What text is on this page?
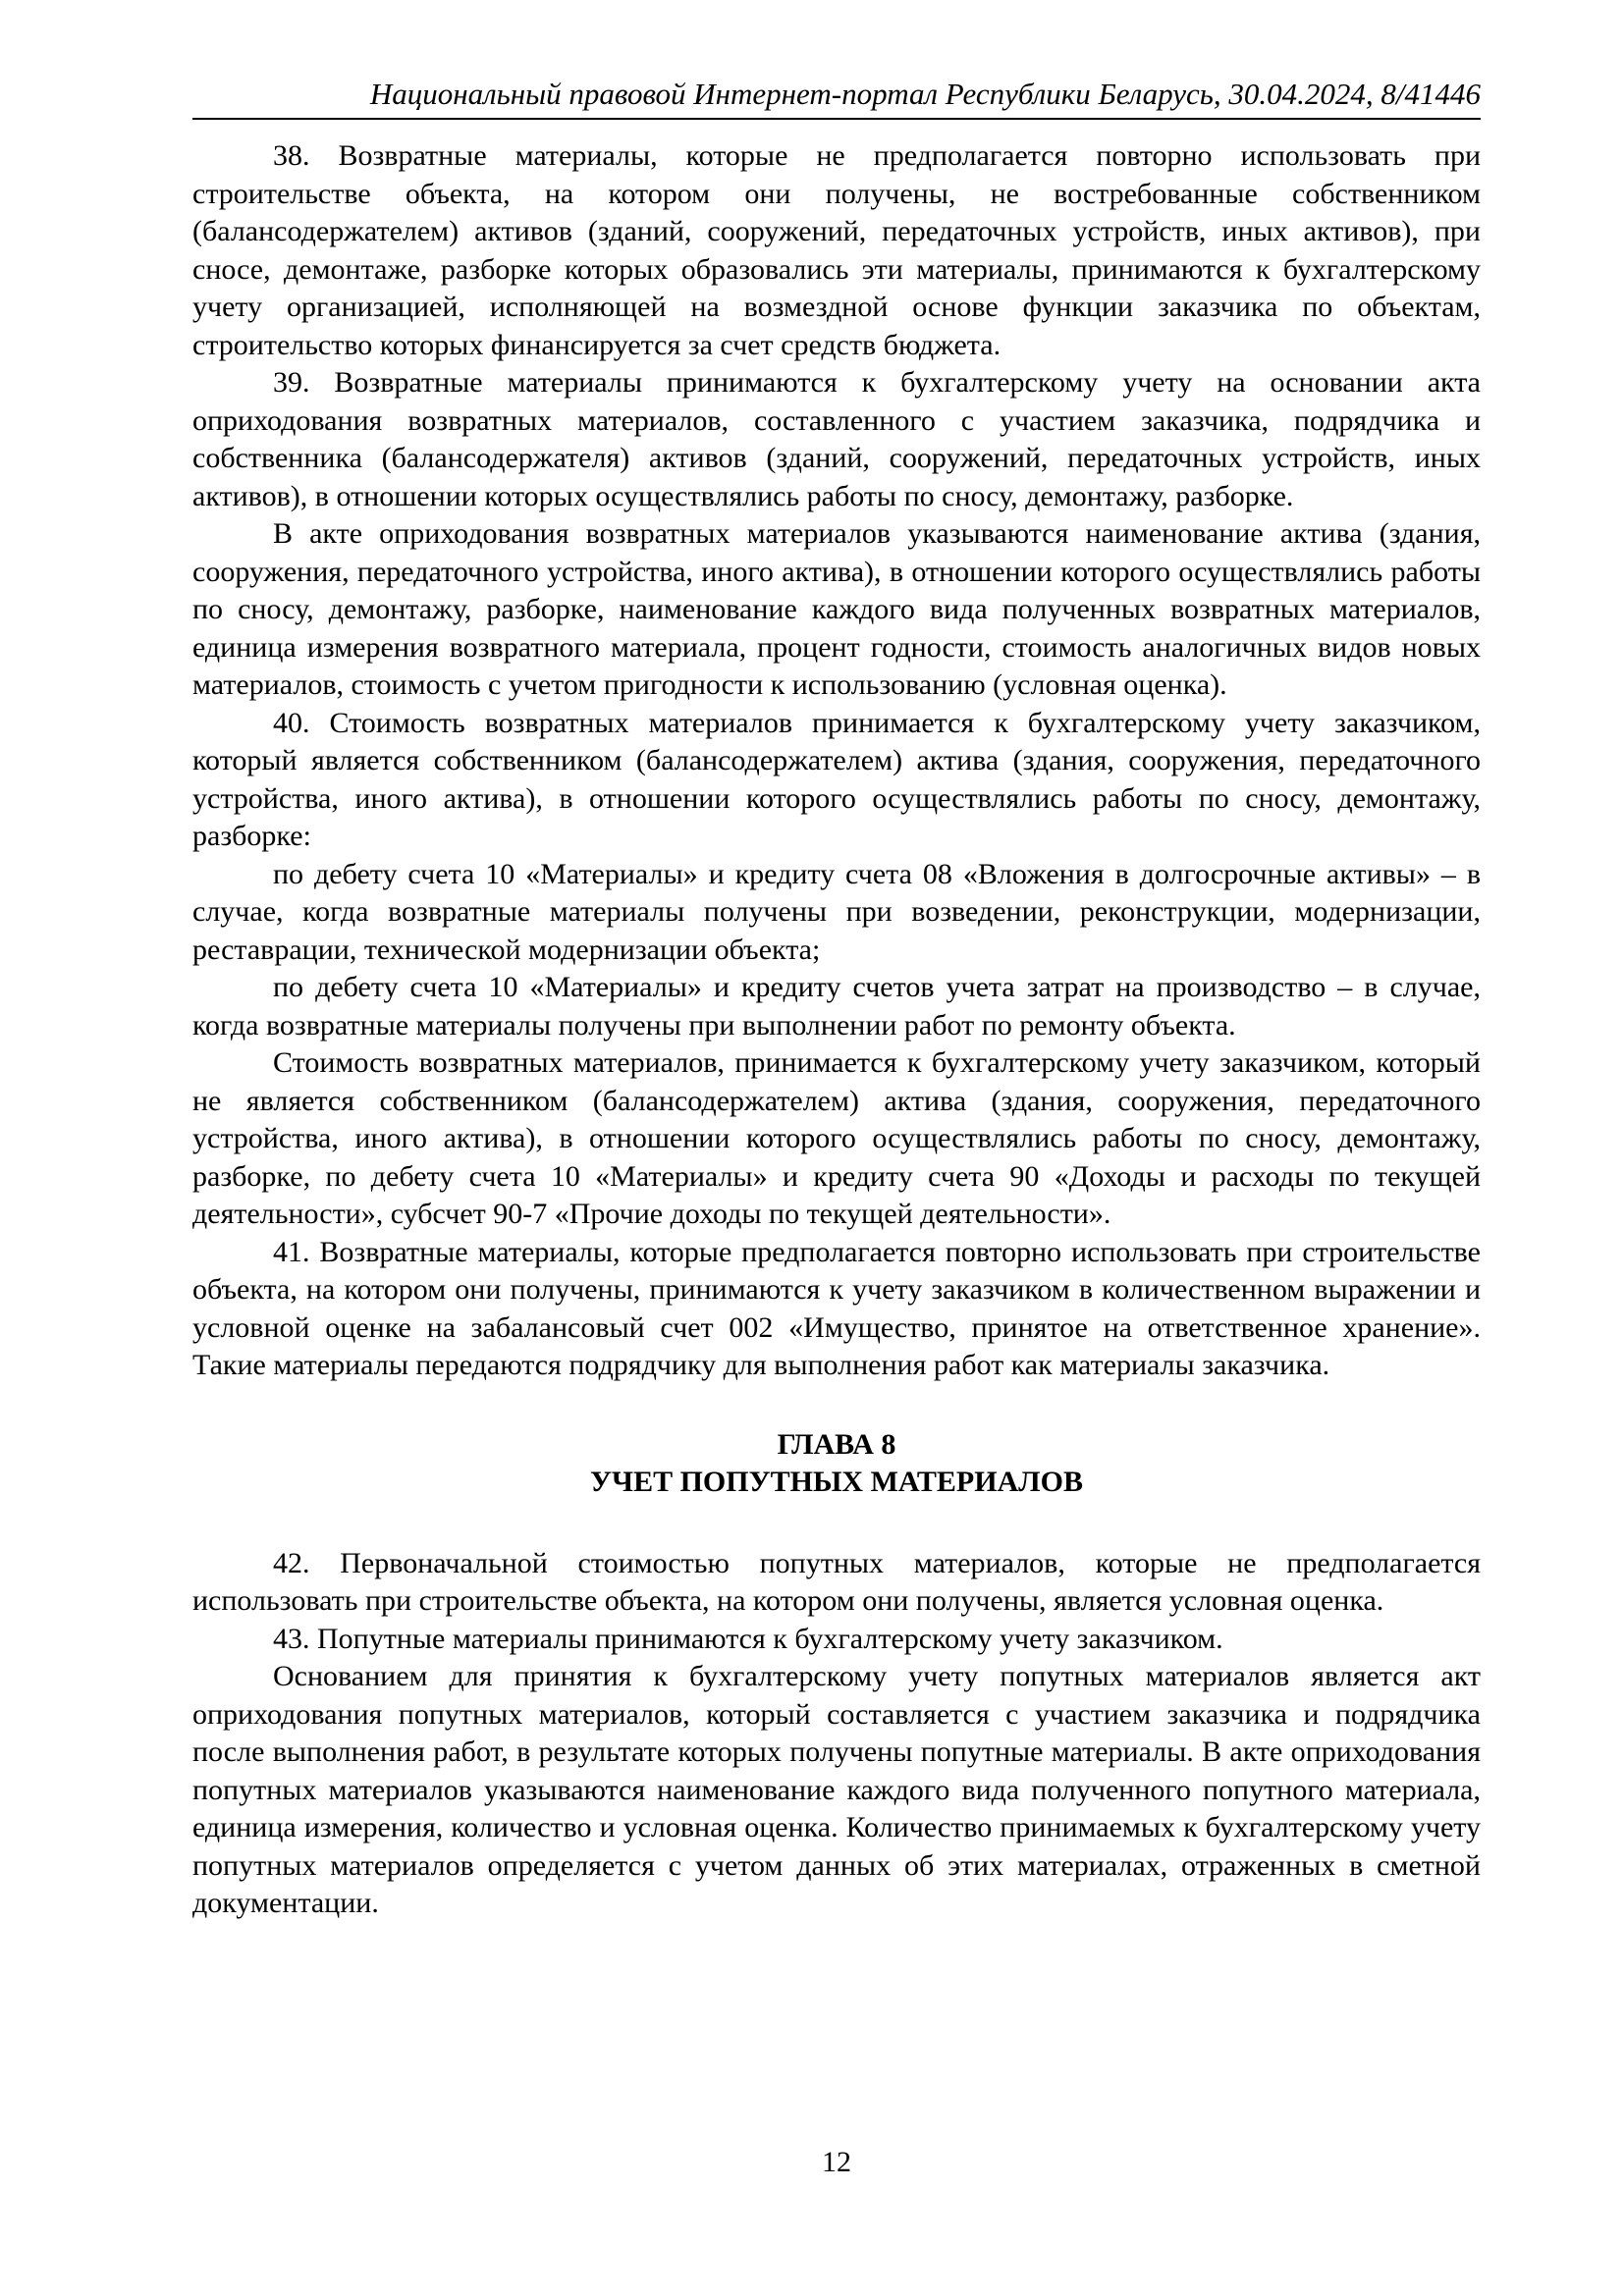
Национальный правовой Интернет-портал Республики Беларусь, 30.04.2024, 8/41446

38. Возвратные материалы, которые не предполагается повторно использовать при строительстве объекта, на котором они получены, не востребованные собственником (балансодержателем) активов (зданий, сооружений, передаточных устройств, иных активов), при сносе, демонтаже, разборке которых образовались эти материалы, принимаются к бухгалтерскому учету организацией, исполняющей на возмездной основе функции заказчика по объектам, строительство которых финансируется за счет средств бюджета.

39. Возвратные материалы принимаются к бухгалтерскому учету на основании акта оприходования возвратных материалов, составленного с участием заказчика, подрядчика и собственника (балансодержателя) активов (зданий, сооружений, передаточных устройств, иных активов), в отношении которых осуществлялись работы по сносу, демонтажу, разборке.

В акте оприходования возвратных материалов указываются наименование актива (здания, сооружения, передаточного устройства, иного актива), в отношении которого осуществлялись работы по сносу, демонтажу, разборке, наименование каждого вида полученных возвратных материалов, единица измерения возвратного материала, процент годности, стоимость аналогичных видов новых материалов, стоимость с учетом пригодности к использованию (условная оценка).

40. Стоимость возвратных материалов принимается к бухгалтерскому учету заказчиком, который является собственником (балансодержателем) актива (здания, сооружения, передаточного устройства, иного актива), в отношении которого осуществлялись работы по сносу, демонтажу, разборке:

по дебету счета 10 «Материалы» и кредиту счета 08 «Вложения в долгосрочные активы» – в случае, когда возвратные материалы получены при возведении, реконструкции, модернизации, реставрации, технической модернизации объекта;

по дебету счета 10 «Материалы» и кредиту счетов учета затрат на производство – в случае, когда возвратные материалы получены при выполнении работ по ремонту объекта.

Стоимость возвратных материалов, принимается к бухгалтерскому учету заказчиком, который не является собственником (балансодержателем) актива (здания, сооружения, передаточного устройства, иного актива), в отношении которого осуществлялись работы по сносу, демонтажу, разборке, по дебету счета 10 «Материалы» и кредиту счета 90 «Доходы и расходы по текущей деятельности», субсчет 90-7 «Прочие доходы по текущей деятельности».

41. Возвратные материалы, которые предполагается повторно использовать при строительстве объекта, на котором они получены, принимаются к учету заказчиком в количественном выражении и условной оценке на забалансовый счет 002 «Имущество, принятое на ответственное хранение». Такие материалы передаются подрядчику для выполнения работ как материалы заказчика.

ГЛАВА 8
УЧЕТ ПОПУТНЫХ МАТЕРИАЛОВ

42. Первоначальной стоимостью попутных материалов, которые не предполагается использовать при строительстве объекта, на котором они получены, является условная оценка.

43. Попутные материалы принимаются к бухгалтерскому учету заказчиком.

Основанием для принятия к бухгалтерскому учету попутных материалов является акт оприходования попутных материалов, который составляется с участием заказчика и подрядчика после выполнения работ, в результате которых получены попутные материалы. В акте оприходования попутных материалов указываются наименование каждого вида полученного попутного материала, единица измерения, количество и условная оценка. Количество принимаемых к бухгалтерскому учету попутных материалов определяется с учетом данных об этих материалах, отраженных в сметной документации.

12
